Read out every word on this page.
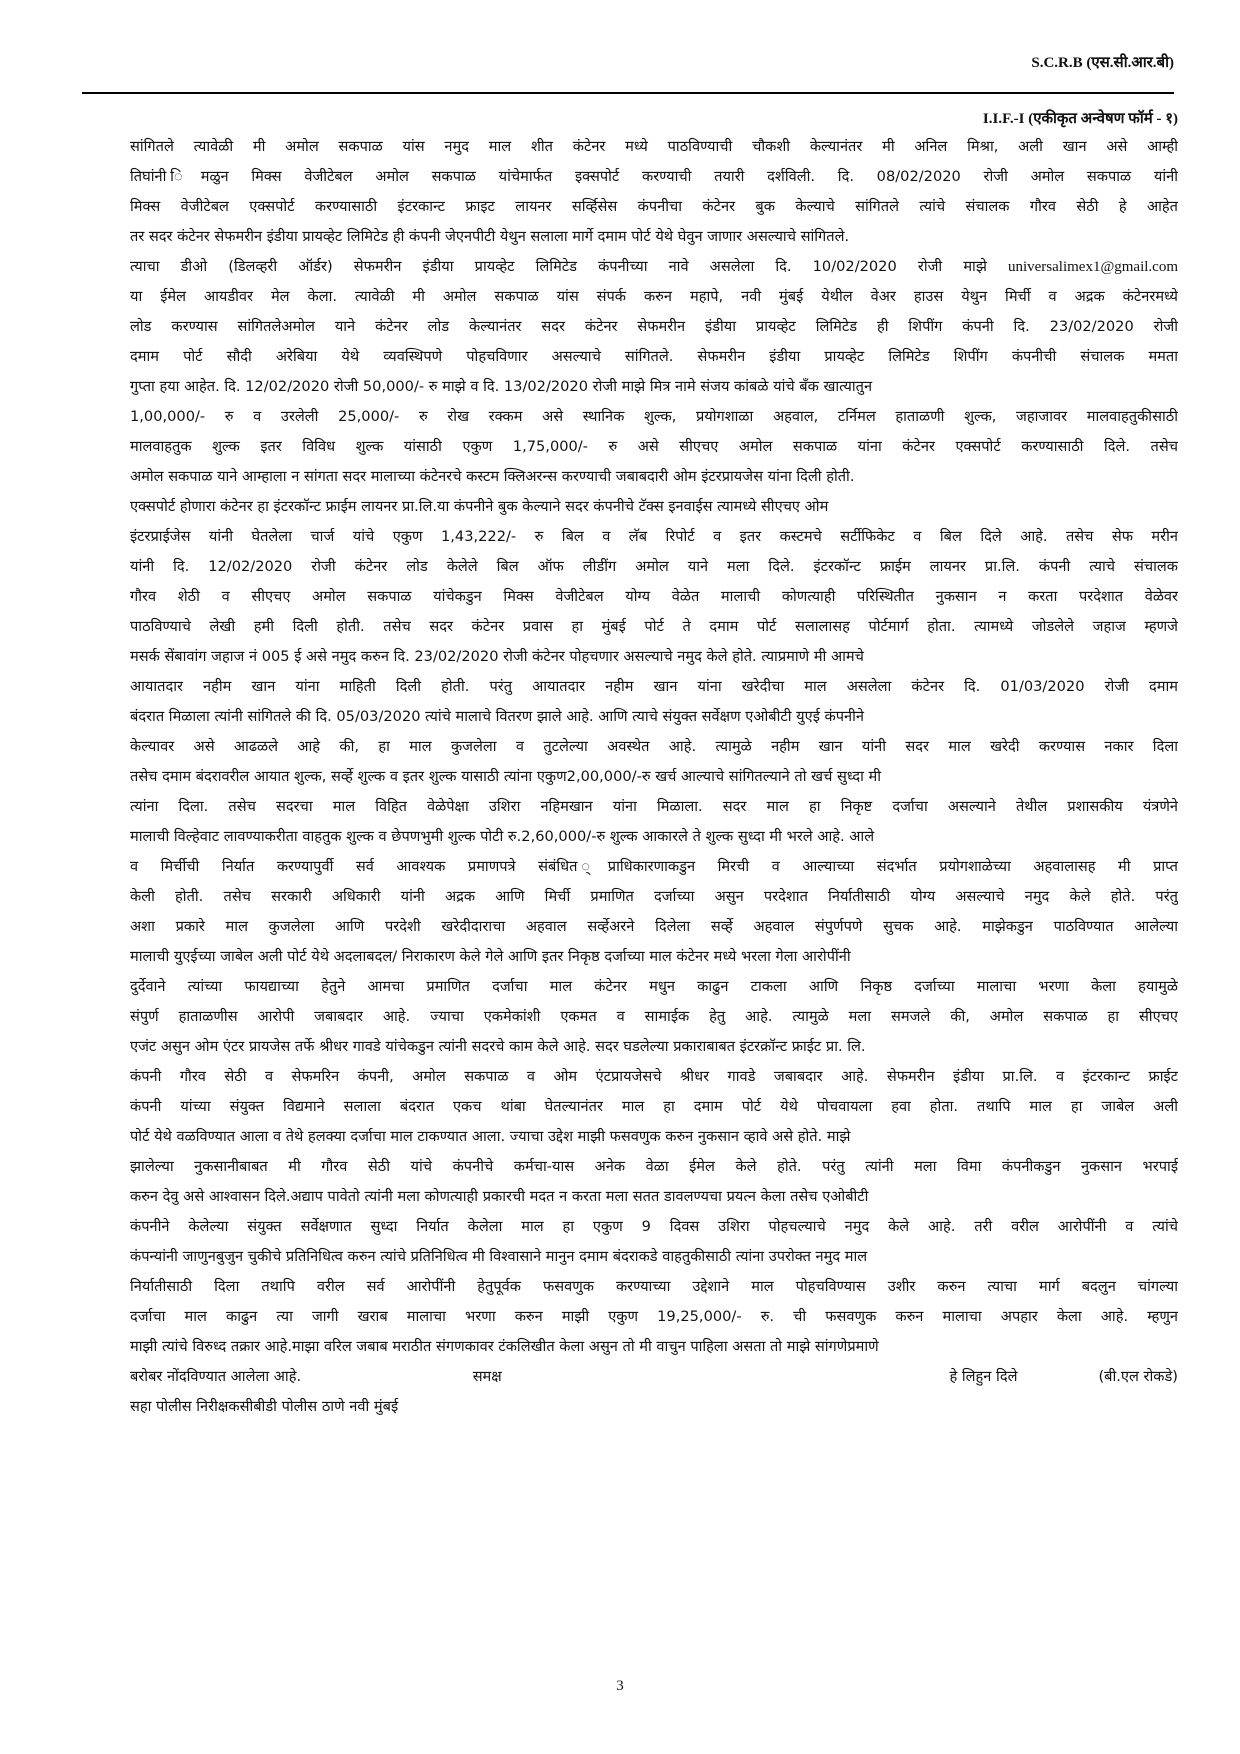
S.C.R.B (एस.सी.आर.बी)
I.I.F.-I (एकीकृत अन्वेषण फॉर्म - १)
सांगितले त्यावेळी मी अमोल सकपाळ यांस नमुद माल शीत कंटेनर मध्ये पाठविण्याची चौकशी केल्यानंतर मी अनिल मिश्रा, अली खान असे आम्ही
तिघांनी िमळुन मिक्स वेजीटेबल अमोल सकपाळ यांचेमार्फत इक्सपोर्ट करण्याची तयारी दर्शविली. दि. 08/02/2020 रोजी अमोल सकपाळ यांनी
मिक्स वेजीटेबल एक्सपोर्ट करण्यासाठी इंटरकान्ट फ्राइट लायनर सर्व्हिसेस कंपनीचा कंटेनर बुक केल्याचे सांगितले त्यांचे संचालक गौरव सेठी हे आहेत
तर सदर कंटेनर सेफमरीन इंडीया प्रायव्हेट लिमिटेड ही कंपनी जेएनपीटी येथुन सलाला मार्गे दमाम पोर्ट येथे घेवुन जाणार असल्याचे सांगितले.
त्याचा डीओ (डिलव्हरी ऑर्डर) सेफमरीन इंडीया प्रायव्हेट लिमिटेड कंपनीच्या नावे असलेला दि. 10/02/2020 रोजी माझे universalimex1@gmail.com
या ईमेल आयडीवर मेल केला. त्यावेळी मी अमोल सकपाळ यांस संपर्क करुन महापे, नवी मुंबई येथील वेअर हाउस येथुन मिर्ची व अद्रक कंटेनरमध्ये
लोड करण्यास सांगितलेअमोल याने कंटेनर लोड केल्यानंतर सदर कंटेनर सेफमरीन इंडीया प्रायव्हेट लिमिटेड ही शिपींग कंपनी दि. 23/02/2020 रोजी
दमाम पोर्ट सौदी अरेबिया येथे व्यवस्थिपणे पोहचविणार असल्याचे सांगितले. सेफमरीन इंडीया प्रायव्हेट लिमिटेड शिपींग कंपनीची संचालक ममता
गुप्ता हया आहेत. दि. 12/02/2020 रोजी 50,000/- रु माझे व दि. 13/02/2020 रोजी माझे मित्र नामे संजय कांबळे यांचे बँक खात्यातुन
1,00,000/- रु व उरलेली 25,000/- रु रोख रक्कम असे स्थानिक शुल्क, प्रयोगशाळा अहवाल, टर्निमल हाताळणी शुल्क, जहाजावर मालवाहतुकीसाठी
मालवाहतुक शुल्क इतर विविध शुल्क यांसाठी एकुण 1,75,000/- रु असे सीएचए अमोल सकपाळ यांना कंटेनर एक्सपोर्ट करण्यासाठी दिले. तसेच
अमोल सकपाळ याने आम्हाला न सांगता सदर मालाच्या कंटेनरचे कस्टम क्लिअरन्स करण्याची जबाबदारी ओम इंटरप्रायजेस यांना दिली होती.
एक्सपोर्ट होणारा कंटेनर हा इंटरकॉन्ट फ्राईम लायनर प्रा.लि.या कंपनीने बुक केल्याने सदर कंपनीचे टॅक्स इनवाईस त्यामध्ये सीएचए ओम
इंटरप्राईजेस यांनी घेतलेला चार्ज यांचे एकुण 1,43,222/- रु बिल व लॅब रिपोर्ट व इतर कस्टमचे सर्टीफिकेट व बिल दिले आहे. तसेच सेफ मरीन
यांनी दि. 12/02/2020 रोजी कंटेनर लोड केलेले बिल ऑफ लीडींग अमोल याने मला दिले. इंटरकॉन्ट फ्राईम लायनर प्रा.लि. कंपनी त्याचे संचालक
गौरव शेठी व सीएचए अमोल सकपाळ यांचेकडुन मिक्स वेजीटेबल योग्य वेळेत मालाची कोणत्याही परिस्थितीत नुकसान न करता परदेशात वेळेवर
पाठविण्याचे लेखी हमी दिली होती. तसेच सदर कंटेनर प्रवास हा मुंबई पोर्ट ते दमाम पोर्ट सलालासह पोर्टमार्ग होता. त्यामध्ये जोडलेले जहाज म्हणजे
मसर्क सेंबावांग जहाज नं 005 ई असे नमुद करुन दि. 23/02/2020 रोजी कंटेनर पोहचणार असल्याचे नमुद केले होते. त्याप्रमाणे मी आमचे
आयातदार नहीम खान यांना माहिती दिली होती. परंतु आयातदार नहीम खान यांना खरेदीचा माल असलेला कंटेनर दि. 01/03/2020 रोजी दमाम
बंदरात मिळाला त्यांनी सांगितले की दि. 05/03/2020 त्यांचे मालाचे वितरण झाले आहे. आणि त्याचे संयुक्त सर्वेक्षण एओबीटी युएई कंपनीने
केल्यावर असे आढळले आहे की, हा माल कुजलेला व तुटलेल्या अवस्थेत आहे. त्यामुळे नहीम खान यांनी सदर माल खरेदी करण्यास नकार दिला
तसेच दमाम बंदरावरील आयात शुल्क, सर्व्हे शुल्क व इतर शुल्क यासाठी त्यांना एकुण2,00,000/-रु खर्च आल्याचे सांगितल्याने तो खर्च सुध्दा मी
त्यांना दिला. तसेच सदरचा माल विहित वेळेपेक्षा उशिरा नहिमखान यांना मिळाला. सदर माल हा निकृष्ट दर्जाचा असल्याने तेथील प्रशासकीय यंत्रणेने
मालाची विल्हेवाट लावण्याकरीता वाहतुक शुल्क व छेपणभुमी शुल्क पोटी रु.2,60,000/-रु शुल्क आकारले ते शुल्क सुध्दा मी भरले आहे. आले
व मिर्चीची निर्यात करण्यापुर्वी सर्व आवश्यक प्रमाणपत्रे संबंधित ्प्राधिकारणाकडुन मिरची व आल्याच्या संदर्भात प्रयोगशाळेच्या अहवालासह मी प्राप्त
केली होती. तसेच सरकारी अधिकारी यांनी अद्रक आणि मिर्ची प्रमाणित दर्जाच्या असुन परदेशात निर्यातीसाठी योग्य असल्याचे नमुद केले होते. परंतु
अशा प्रकारे माल कुजलेला आणि परदेशी खरेदीदाराचा अहवाल सर्व्हेअरने दिलेला सर्व्हे अहवाल संपुर्णपणे सुचक आहे. माझेकडुन पाठविण्यात आलेल्या
मालाची युएईच्या जाबेल अली पोर्ट येथे अदलाबदल/ निराकारण केले गेले आणि इतर निकृष्ठ दर्जाच्या माल कंटेनर मध्ये भरला गेला आरोपींनी
दुर्देवाने त्यांच्या फायद्याच्या हेतुने आमचा प्रमाणित दर्जाचा माल कंटेनर मधुन काढुन टाकला आणि निकृष्ठ दर्जाच्या मालाचा भरणा केला हयामुळे
संपुर्ण हाताळणीस आरोपी जबाबदार आहे. ज्याचा एकमेकांशी एकमत व सामाईक हेतु आहे. त्यामुळे मला समजले की, अमोल सकपाळ हा सीएचए
एजंट असुन ओम एंटर प्रायजेस तर्फे श्रीधर गावडे यांचेकडुन त्यांनी सदरचे काम केले आहे. सदर घडलेल्या प्रकाराबाबत इंटरक्रॉन्ट फ्राईट प्रा. लि.
कंपनी गौरव सेठी व सेफमरिन कंपनी, अमोल सकपाळ व ओम एंटप्रायजेसचे श्रीधर गावडे जबाबदार आहे. सेफमरीन इंडीया प्रा.लि. व इंटरकान्ट फ्राईट
कंपनी यांच्या संयुक्त विद्यमाने सलाला बंदरात एकच थांबा घेतल्यानंतर माल हा दमाम पोर्ट येथे पोचवायला हवा होता. तथापि माल हा जाबेल अली
पोर्ट येथे वळविण्यात आला व तेथे हलक्या दर्जाचा माल टाकण्यात आला. ज्याचा उद्देश माझी फसवणुक करुन नुकसान व्हावे असे होते. माझे
झालेल्या नुकसानीबाबत मी गौरव सेठी यांचे कंपनीचे कर्मचा-यास अनेक वेळा ईमेल केले होते. परंतु त्यांनी मला विमा कंपनीकडुन नुकसान भरपाई
करुन देवु असे आश्वासन दिले.अद्याप पावेतो त्यांनी मला कोणत्याही प्रकारची मदत न करता मला सतत डावलण्यचा प्रयत्न केला तसेच एओबीटी
कंपनीने केलेल्या संयुक्त सर्वेक्षणात सुध्दा निर्यात केलेला माल हा एकुण 9 दिवस उशिरा पोहचल्याचे नमुद केले आहे. तरी वरील आरोपींनी व त्यांचे
कंपन्यांनी जाणुनबुजुन चुकीचे प्रतिनिधित्व करुन त्यांचे प्रतिनिधित्व मी विश्वासाने मानुन दमाम बंदराकडे वाहतुकीसाठी त्यांना उपरोक्त नमुद माल
निर्यातीसाठी दिला तथापि वरील सर्व आरोपींनी हेतुपूर्वक फसवणुक करण्याच्या उद्देशाने माल पोहचविण्यास उशीर करुन त्याचा मार्ग बदलुन चांगल्या
दर्जाचा माल काढुन त्या जागी खराब मालाचा भरणा करुन माझी एकुण 19,25,000/- रु. ची फसवणुक करुन मालाचा अपहार केला आहे. म्हणुन
माझी त्यांचे विरुध्द तक्रार आहे.माझा वरिल जबाब मराठीत संगणकावर टंकलिखीत केला असुन तो मी वाचुन पाहिला असता तो माझे सांगणेप्रमाणे
बरोबर नोंदविण्यात आलेला आहे.	समक्ष	हे लिहुन दिले	(बी.एल रोकडे)
सहा पोलीस निरीक्षकसीबीडी पोलीस ठाणे नवी मुंबई
3
